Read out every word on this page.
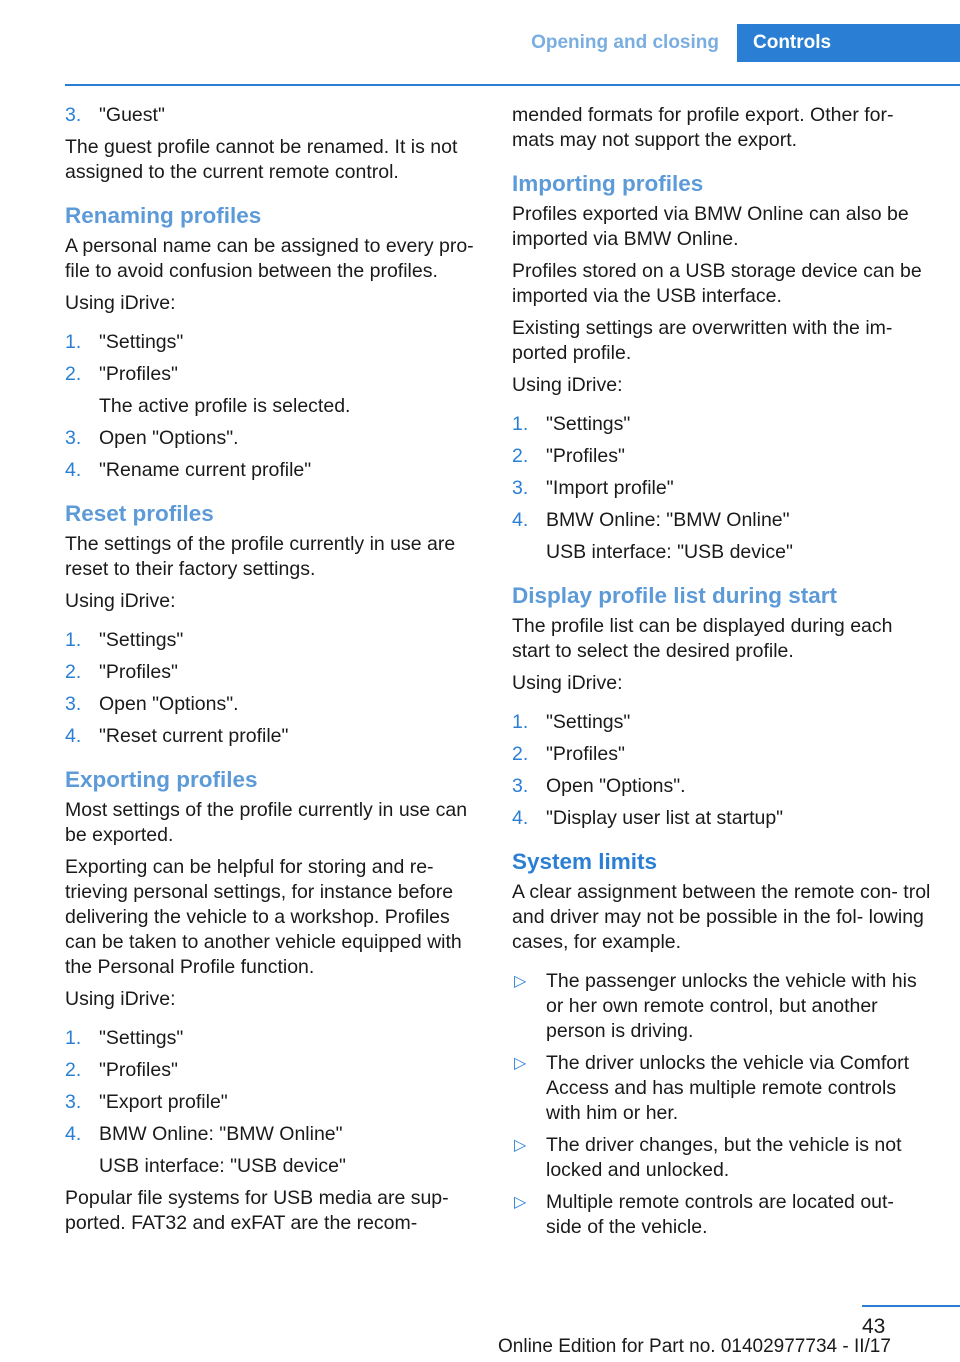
Opening and closing	Controls
3. "Guest"

The guest profile cannot be renamed. It is not assigned to the current remote control.

Renaming profiles

A personal name can be assigned to every pro‐ file to avoid confusion between the profiles.

Using iDrive:

1. "Settings"
2. "Profiles"
The active profile is selected.
3. Open "Options".
4. "Rename current profile"
Reset profiles

The settings of the profile currently in use are reset to their factory settings.

Using iDrive:

1. "Settings"
2. "Profiles"
3. Open "Options".
4. "Reset current profile"
Exporting profiles

Most settings of the profile currently in use can be exported.

Exporting can be helpful for storing and re‐ trieving personal settings, for instance before delivering the vehicle to a workshop. Profiles can be taken to another vehicle equipped with the Personal Profile function.

Using iDrive:

1. "Settings"
2. "Profiles"
3. "Export profile"
4. BMW Online: "BMW Online"
USB interface: "USB device"

Popular file systems for USB media are sup‐ ported. FAT32 and exFAT are the recom‐

mended formats for profile export. Other for‐ mats may not support the export.

Importing profiles

Profiles exported via BMW Online can also be imported via BMW Online.

Profiles stored on a USB storage device can be imported via the USB interface.

Existing settings are overwritten with the im‐ ported profile.

Using iDrive:

1. "Settings"
2. "Profiles"
3. "Import profile"
4. BMW Online: "BMW Online"
USB interface: "USB device"
Display profile list during start

The profile list can be displayed during each start to select the desired profile.

Using iDrive:

1. "Settings"
2. "Profiles"
3. Open "Options".
4. "Display user list at startup"
System limits

A clear assignment between the remote con‐ trol and driver may not be possible in the fol‐ lowing cases, for example.

▷ The passenger unlocks the vehicle with his or her own remote control, but another person is driving.
▷ The driver unlocks the vehicle via Comfort Access and has multiple remote controls with him or her.
▷ The driver changes, but the vehicle is not locked and unlocked.
▷ Multiple remote controls are located out‐ side of the vehicle.
43
Online Edition for Part no. 01402977734 - II/17
